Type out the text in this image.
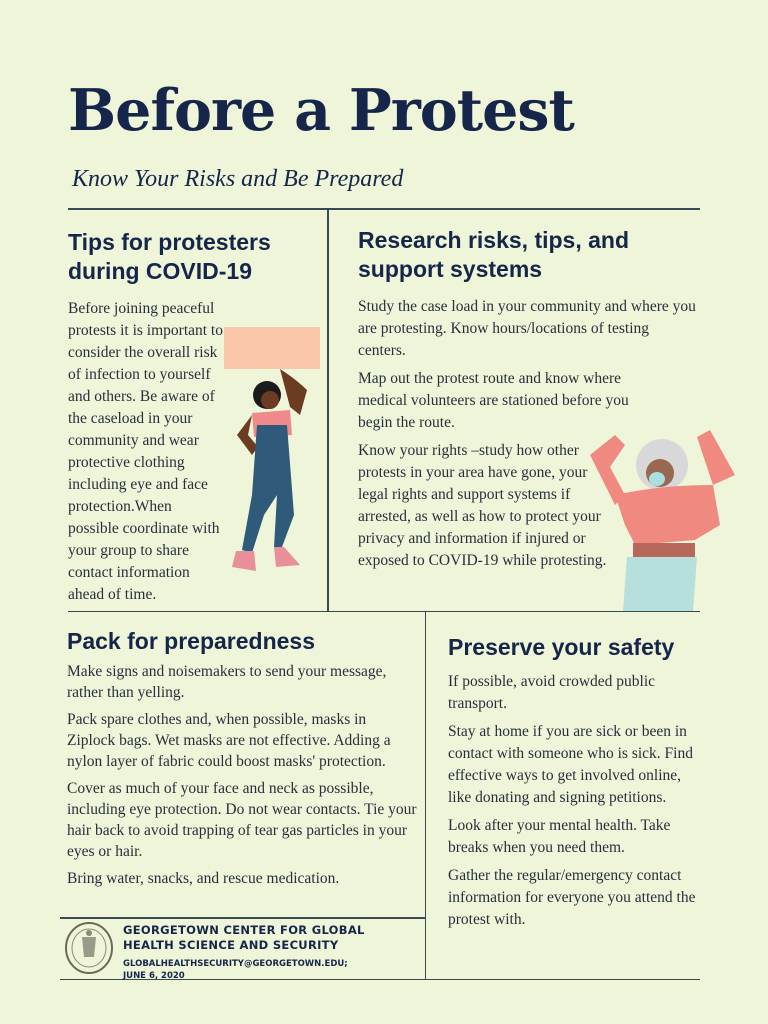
Before a Protest
Know Your Risks and Be Prepared
Tips for protesters during COVID-19

Before joining peaceful protests it is important to consider the overall risk of infection to yourself and others. Be aware of the caseload in your community and wear protective clothing including eye and face protection.When possible coordinate with your group to share contact information ahead of time.

Research risks, tips, and support systems

Study the case load in your community and where you are protesting. Know hours/locations of testing centers.

Map out the protest route and know where medical volunteers are stationed before you begin the route.

Know your rights –study how other protests in your area have gone, your legal rights and support systems if arrested, as well as how to protect your privacy and information if injured or exposed to COVID-19 while protesting.

Pack for preparedness

Make signs and noisemakers to send your message, rather than yelling.

Pack spare clothes and, when possible, masks in Ziplock bags. Wet masks are not effective. Adding a nylon layer of fabric could boost masks' protection.

Cover as much of your face and neck as possible, including eye protection. Do not wear contacts. Tie your hair back to avoid trapping of tear gas particles in your eyes or hair.

Bring water, snacks, and rescue medication.

Preserve your safety

If possible, avoid crowded public transport.

Stay at home if you are sick or been in contact with someone who is sick. Find effective ways to get involved online, like donating and signing petitions.

Look after your mental health. Take breaks when you need them.

Gather the regular/emergency contact information for everyone you attend the protest with.

GEORGETOWN CENTER FOR GLOBAL
HEALTH SCIENCE AND SECURITY
GLOBALHEALTHSECURITY@GEORGETOWN.EDU;
JUNE 6, 2020
